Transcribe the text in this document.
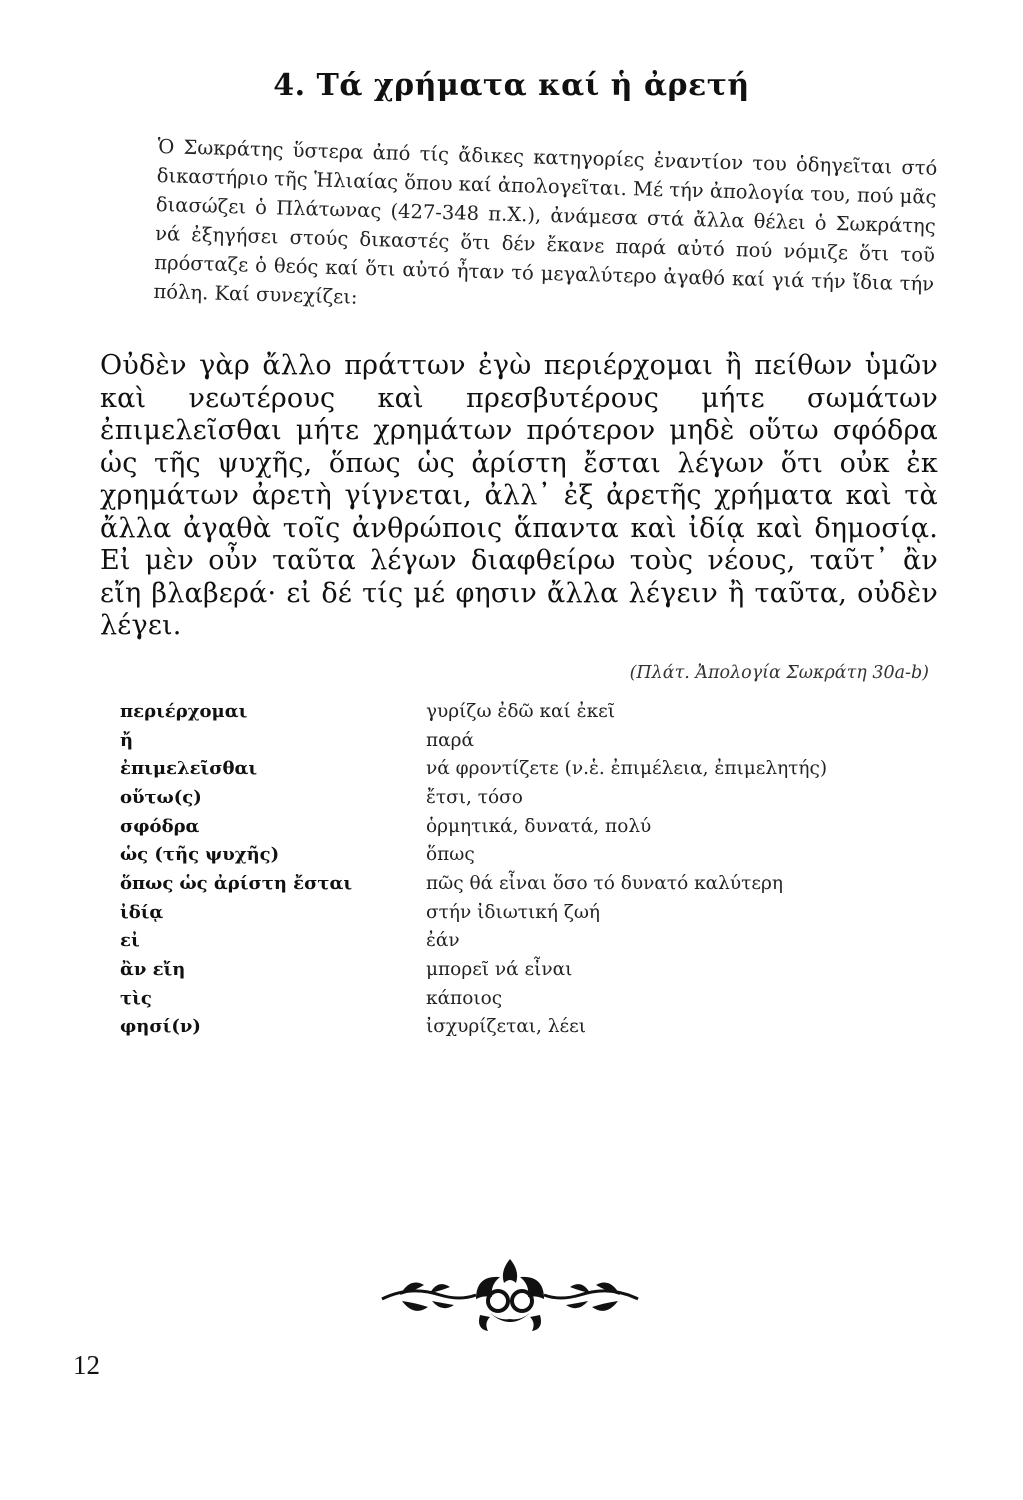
4. Τά χρήματα καί ἡ ἀρετή
Ὁ Σωκράτης ὕστερα ἀπό τίς ἄδικες κατηγορίες ἐναντίον του ὁδηγεῖται στό δικαστήριο τῆς Ἡλιαίας ὅπου καί ἀπολογεῖται. Μέ τήν ἀπολογία του, πού μᾶς διασώζει ὁ Πλάτωνας (427-348 π.Χ.), ἀνάμεσα στά ἄλλα θέλει ὁ Σωκράτης νά ἐξηγήσει στούς δικαστές ὅτι δέν ἔκανε παρά αὐτό πού νόμιζε ὅτι τοῦ πρόσταζε ὁ θεός καί ὅτι αὐτό ἦταν τό μεγαλύτερο ἀγαθό καί γιά τήν ἴδια τήν πόλη. Καί συνεχίζει:
Οὐδὲν γὰρ ἄλλο πράττων ἐγὼ περιέρχομαι ἢ πείθων ὑμῶν καὶ νεωτέρους καὶ πρεσβυτέρους μήτε σωμάτων ἐπιμελεῖσθαι μήτε χρημάτων πρότερον μηδὲ οὕτω σφόδρα ὡς τῆς ψυχῆς, ὅπως ὡς ἀρίστη ἔσται λέγων ὅτι οὐκ ἐκ χρημάτων ἀρετὴ γίγνεται, ἀλλ᾽ ἐξ ἀρετῆς χρήματα καὶ τὰ ἄλλα ἀγαθὰ τοῖς ἀνθρώποις ἅπαντα καὶ ἰδίᾳ καὶ δημοσίᾳ. Εἰ μὲν οὖν ταῦτα λέγων διαφθείρω τοὺς νέους, ταῦτ᾽ ἂν εἴη βλαβερά· εἰ δέ τίς μέ φησιν ἄλλα λέγειν ἢ ταῦτα, οὐδὲν λέγει.
(Πλάτ. Ἀπολογία Σωκράτη 30a-b)
περιέρχομαι	γυρίζω ἐδῶ καί ἐκεῖ
ἤ	παρά
ἐπιμελεῖσθαι	νά φροντίζετε (ν.ἑ. ἐπιμέλεια, ἐπιμελητής)
οὕτω(ς)	ἔτσι, τόσο
σφόδρα	ὁρμητικά, δυνατά, πολύ
ὡς (τῆς ψυχῆς)	ὅπως
ὅπως ὡς ἀρίστη ἔσται	πῶς θά εἶναι ὅσο τό δυνατό καλύτερη
ἰδίᾳ	στήν ἰδιωτική ζωή
εἰ	ἐάν
ἂν εἴη	μπορεῖ νά εἶναι
τὶς	κάποιος
φησί(ν)	ἰσχυρίζεται, λέει
12
